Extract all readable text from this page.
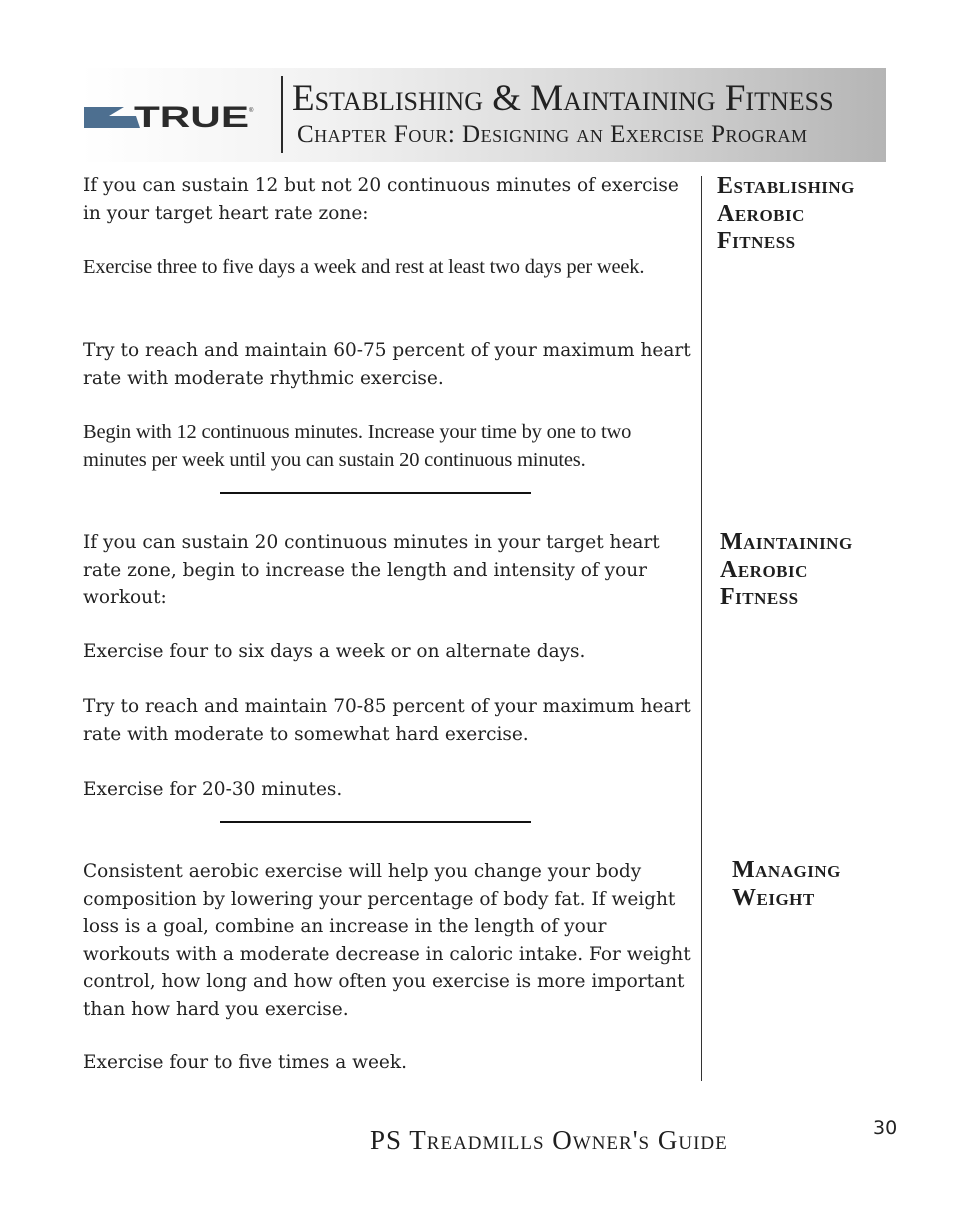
TRUE ® Establishing & Maintaining Fitness
Chapter Four: Designing an Exercise Program

If you can sustain 12 but not 20 continuous minutes of exercise in your target heart rate zone:

Exercise three to five days a week and rest at least two days per week.

Try to reach and maintain 60-75 percent of your maximum heart rate with moderate rhythmic exercise.

Begin with 12 continuous minutes. Increase your time by one to two minutes per week until you can sustain 20 continuous minutes.

Establishing
Aerobic
Fitness

If you can sustain 20 continuous minutes in your target heart rate zone, begin to increase the length and intensity of your workout:

Exercise four to six days a week or on alternate days.

Try to reach and maintain 70-85 percent of your maximum heart rate with moderate to somewhat hard exercise.

Exercise for 20-30 minutes.

Maintaining
Aerobic
Fitness

Consistent aerobic exercise will help you change your body composition by lowering your percentage of body fat. If weight loss is a goal, combine an increase in the length of your workouts with a moderate decrease in caloric intake. For weight control, how long and how often you exercise is more important than how hard you exercise.

Exercise four to five times a week.

Managing
Weight
PS Treadmills Owner's Guide	30
